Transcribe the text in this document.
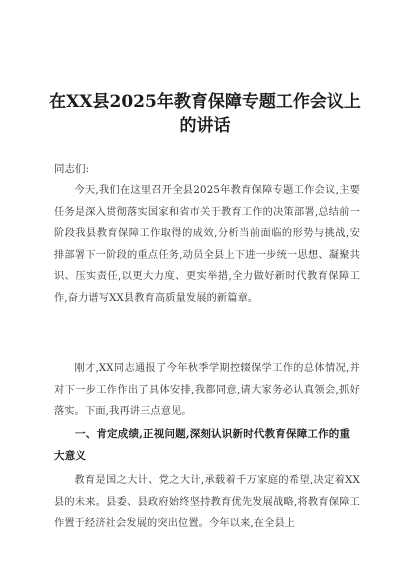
在XX县2025年教育保障专题工作会议上
的讲话

同志们:

今天,我们在这里召开全县2025年教育保障专题工作会议,主要任务是深入贯彻落实国家和省市关于教育工作的决策部署,总结前一阶段我县教育保障工作取得的成效,分析当前面临的形势与挑战,安排部署下一阶段的重点任务,动员全县上下进一步统一思想、凝聚共识、压实责任,以更大力度、更实举措,全力做好新时代教育保障工作,奋力谱写XX县教育高质量发展的新篇章。

刚才,XX同志通报了今年秋季学期控辍保学工作的总体情况,并对下一步工作作出了具体安排,我都同意,请大家务必认真领会,抓好落实。下面,我再讲三点意见。

一、肯定成绩,正视问题,深刻认识新时代教育保障工作的重大意义

教育是国之大计、党之大计,承载着千万家庭的希望,决定着XX县的未来。县委、县政府始终坚持教育优先发展战略,将教育保障工作置于经济社会发展的突出位置。今年以来,在全县上
